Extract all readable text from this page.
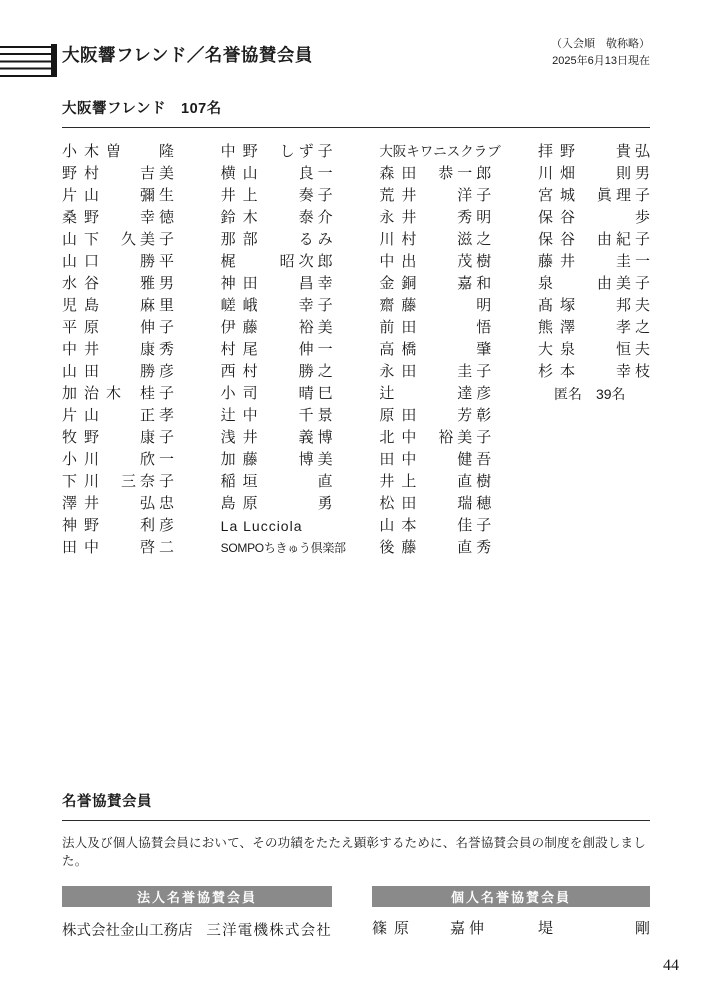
大阪響フレンド／名誉協賛会員
（入会順　敬称略）
2025年6月13日現在
大阪響フレンド　107名
小 木 曽	隆
野 村	吉 美
片 山	彌 生
桑 野	幸 徳
山 下 久 美 子
山 口	勝 平
水 谷	雅 男
児 島	麻 里
平 原	伸 子
中 井	康 秀
山 田	勝 彦
加 治 木 桂 子
片 山	正 孝
牧 野	康 子
小 川	欣 一
下 川 三 奈 子
澤 井	弘 忠
神 野	利 彦
田 中	啓 二
中 野 し ず 子
横 山	良 一
井 上	奏 子
鈴 木	泰 介
那 部	る み
梶	昭 次 郎
神 田	昌 幸
嵯 峨	幸 子
伊 藤	裕 美
村 尾	伸 一
西 村	勝 之
小 司	晴 巳
辻 中	千 景
浅 井	義 博
加 藤	博 美
稲 垣	直
島 原	勇
La Lucciola
SOMPOちきゅう倶楽部
大阪キワニスクラブ
森 田 恭 一 郎
荒 井	洋 子
永 井	秀 明
川 村	滋 之
中 出	茂 樹
金 銅	嘉 和
齋 藤	明
前 田	悟
高 橋	肇
永 田	圭 子
辻	達 彦
原 田	芳 彰
北 中 裕 美 子
田 中	健 吾
井 上	直 樹
松 田	瑞 穂
山 本	佳 子
後 藤	直 秀
拝 野	貴 弘
川 畑	則 男
宮 城 眞 理 子
保 谷	歩
保 谷 由 紀 子
藤 井	圭 一
泉	由 美 子
髙 塚	邦 夫
熊 澤	孝 之
大 泉	恒 夫
杉 本	幸 枝
匿名　39名
名誉協賛会員

法人及び個人協賛会員において、その功績をたたえ顕彰するために、名誉協賛会員の制度を創設しました。

法人名誉協賛会員
株式会社金山工務店 三洋電機株式会社
個人名誉協賛会員
篠 原	嘉 伸	堤	剛
44
